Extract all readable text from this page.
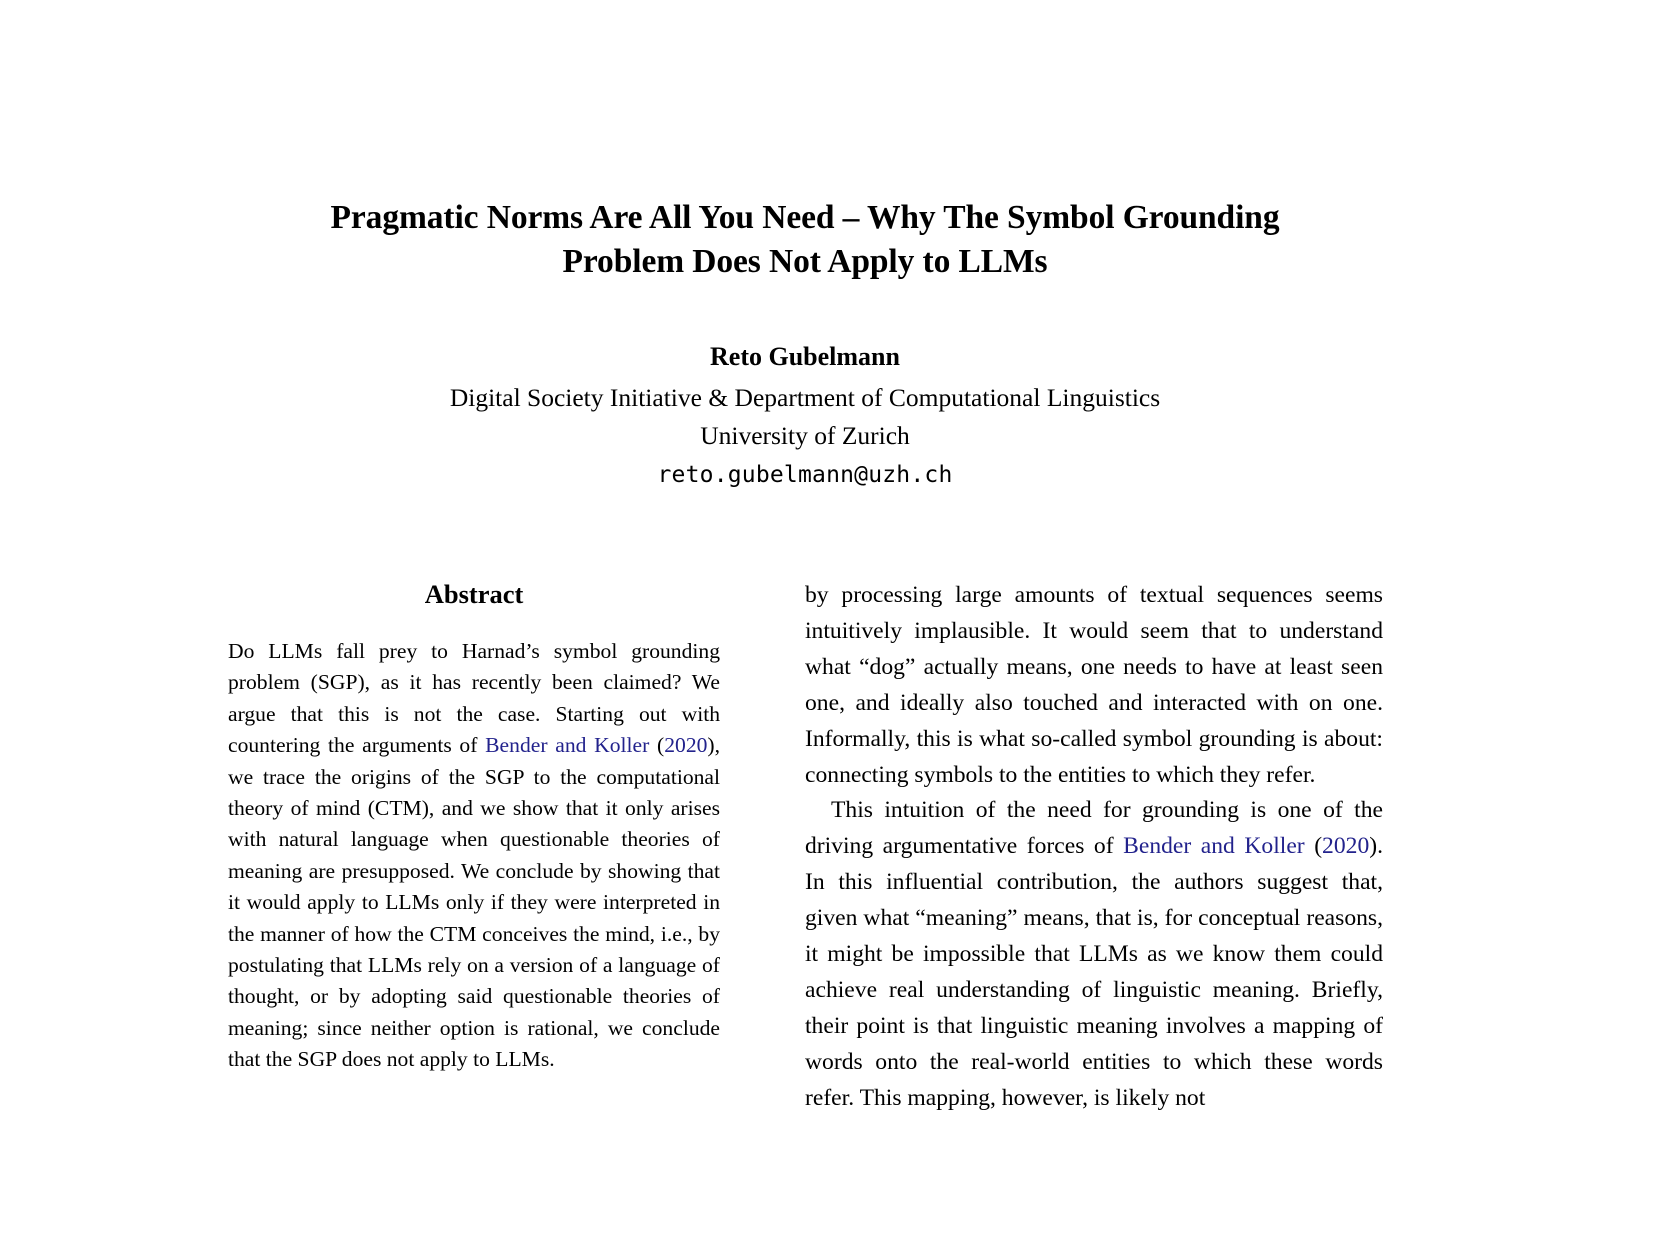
Pragmatic Norms Are All You Need – Why The Symbol Grounding
Problem Does Not Apply to LLMs
Reto Gubelmann
Digital Society Initiative & Department of Computational Linguistics
University of Zurich
reto.gubelmann@uzh.ch
Abstract

Do LLMs fall prey to Harnad’s symbol grounding problem (SGP), as it has recently been claimed? We argue that this is not the case. Starting out with countering the arguments of Bender and Koller (2020), we trace the origins of the SGP to the computational theory of mind (CTM), and we show that it only arises with natural language when questionable theories of meaning are presupposed. We conclude by showing that it would apply to LLMs only if they were interpreted in the manner of how the CTM conceives the mind, i.e., by postulating that LLMs rely on a version of a language of thought, or by adopting said questionable theories of meaning; since neither option is rational, we conclude that the SGP does not apply to LLMs.

by processing large amounts of textual sequences seems intuitively implausible. It would seem that to understand what “dog” actually means, one needs to have at least seen one, and ideally also touched and interacted with on one. Informally, this is what so-called symbol grounding is about: connecting symbols to the entities to which they refer.

This intuition of the need for grounding is one of the driving argumentative forces of Bender and Koller (2020). In this influential contribution, the authors suggest that, given what “meaning” means, that is, for conceptual reasons, it might be impossible that LLMs as we know them could achieve real understanding of linguistic meaning. Briefly, their point is that linguistic meaning involves a mapping of words onto the real-world entities to which these words refer. This mapping, however, is likely not
